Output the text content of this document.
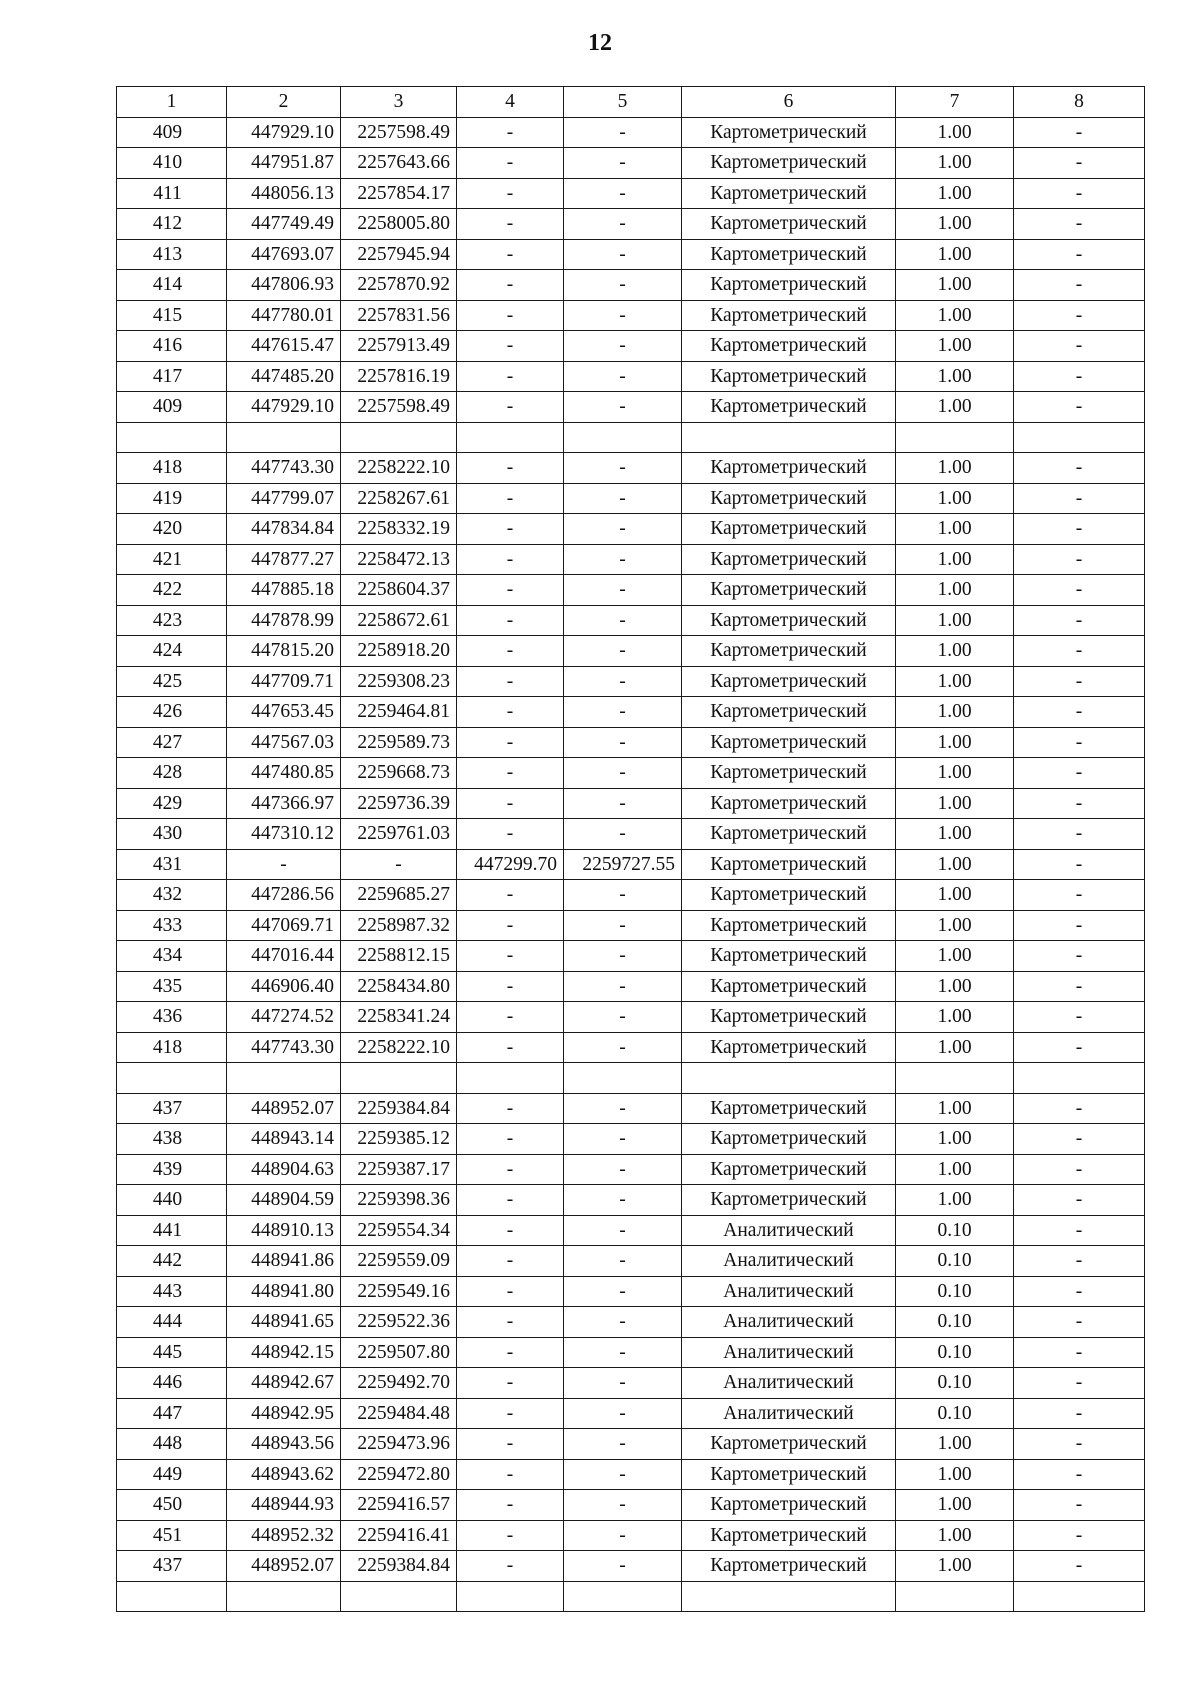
12
1	2	3	4	5	6	7	8
409	447929.10	2257598.49	-	-	Картометрический	1.00	-
410	447951.87	2257643.66	-	-	Картометрический	1.00	-
411	448056.13	2257854.17	-	-	Картометрический	1.00	-
412	447749.49	2258005.80	-	-	Картометрический	1.00	-
413	447693.07	2257945.94	-	-	Картометрический	1.00	-
414	447806.93	2257870.92	-	-	Картометрический	1.00	-
415	447780.01	2257831.56	-	-	Картометрический	1.00	-
416	447615.47	2257913.49	-	-	Картометрический	1.00	-
417	447485.20	2257816.19	-	-	Картометрический	1.00	-
409	447929.10	2257598.49	-	-	Картометрический	1.00	-

418	447743.30	2258222.10	-	-	Картометрический	1.00	-
419	447799.07	2258267.61	-	-	Картометрический	1.00	-
420	447834.84	2258332.19	-	-	Картометрический	1.00	-
421	447877.27	2258472.13	-	-	Картометрический	1.00	-
422	447885.18	2258604.37	-	-	Картометрический	1.00	-
423	447878.99	2258672.61	-	-	Картометрический	1.00	-
424	447815.20	2258918.20	-	-	Картометрический	1.00	-
425	447709.71	2259308.23	-	-	Картометрический	1.00	-
426	447653.45	2259464.81	-	-	Картометрический	1.00	-
427	447567.03	2259589.73	-	-	Картометрический	1.00	-
428	447480.85	2259668.73	-	-	Картометрический	1.00	-
429	447366.97	2259736.39	-	-	Картометрический	1.00	-
430	447310.12	2259761.03	-	-	Картометрический	1.00	-
431	-	-	447299.70	2259727.55	Картометрический	1.00	-
432	447286.56	2259685.27	-	-	Картометрический	1.00	-
433	447069.71	2258987.32	-	-	Картометрический	1.00	-
434	447016.44	2258812.15	-	-	Картометрический	1.00	-
435	446906.40	2258434.80	-	-	Картометрический	1.00	-
436	447274.52	2258341.24	-	-	Картометрический	1.00	-
418	447743.30	2258222.10	-	-	Картометрический	1.00	-

437	448952.07	2259384.84	-	-	Картометрический	1.00	-
438	448943.14	2259385.12	-	-	Картометрический	1.00	-
439	448904.63	2259387.17	-	-	Картометрический	1.00	-
440	448904.59	2259398.36	-	-	Картометрический	1.00	-
441	448910.13	2259554.34	-	-	Аналитический	0.10	-
442	448941.86	2259559.09	-	-	Аналитический	0.10	-
443	448941.80	2259549.16	-	-	Аналитический	0.10	-
444	448941.65	2259522.36	-	-	Аналитический	0.10	-
445	448942.15	2259507.80	-	-	Аналитический	0.10	-
446	448942.67	2259492.70	-	-	Аналитический	0.10	-
447	448942.95	2259484.48	-	-	Аналитический	0.10	-
448	448943.56	2259473.96	-	-	Картометрический	1.00	-
449	448943.62	2259472.80	-	-	Картометрический	1.00	-
450	448944.93	2259416.57	-	-	Картометрический	1.00	-
451	448952.32	2259416.41	-	-	Картометрический	1.00	-
437	448952.07	2259384.84	-	-	Картометрический	1.00	-
